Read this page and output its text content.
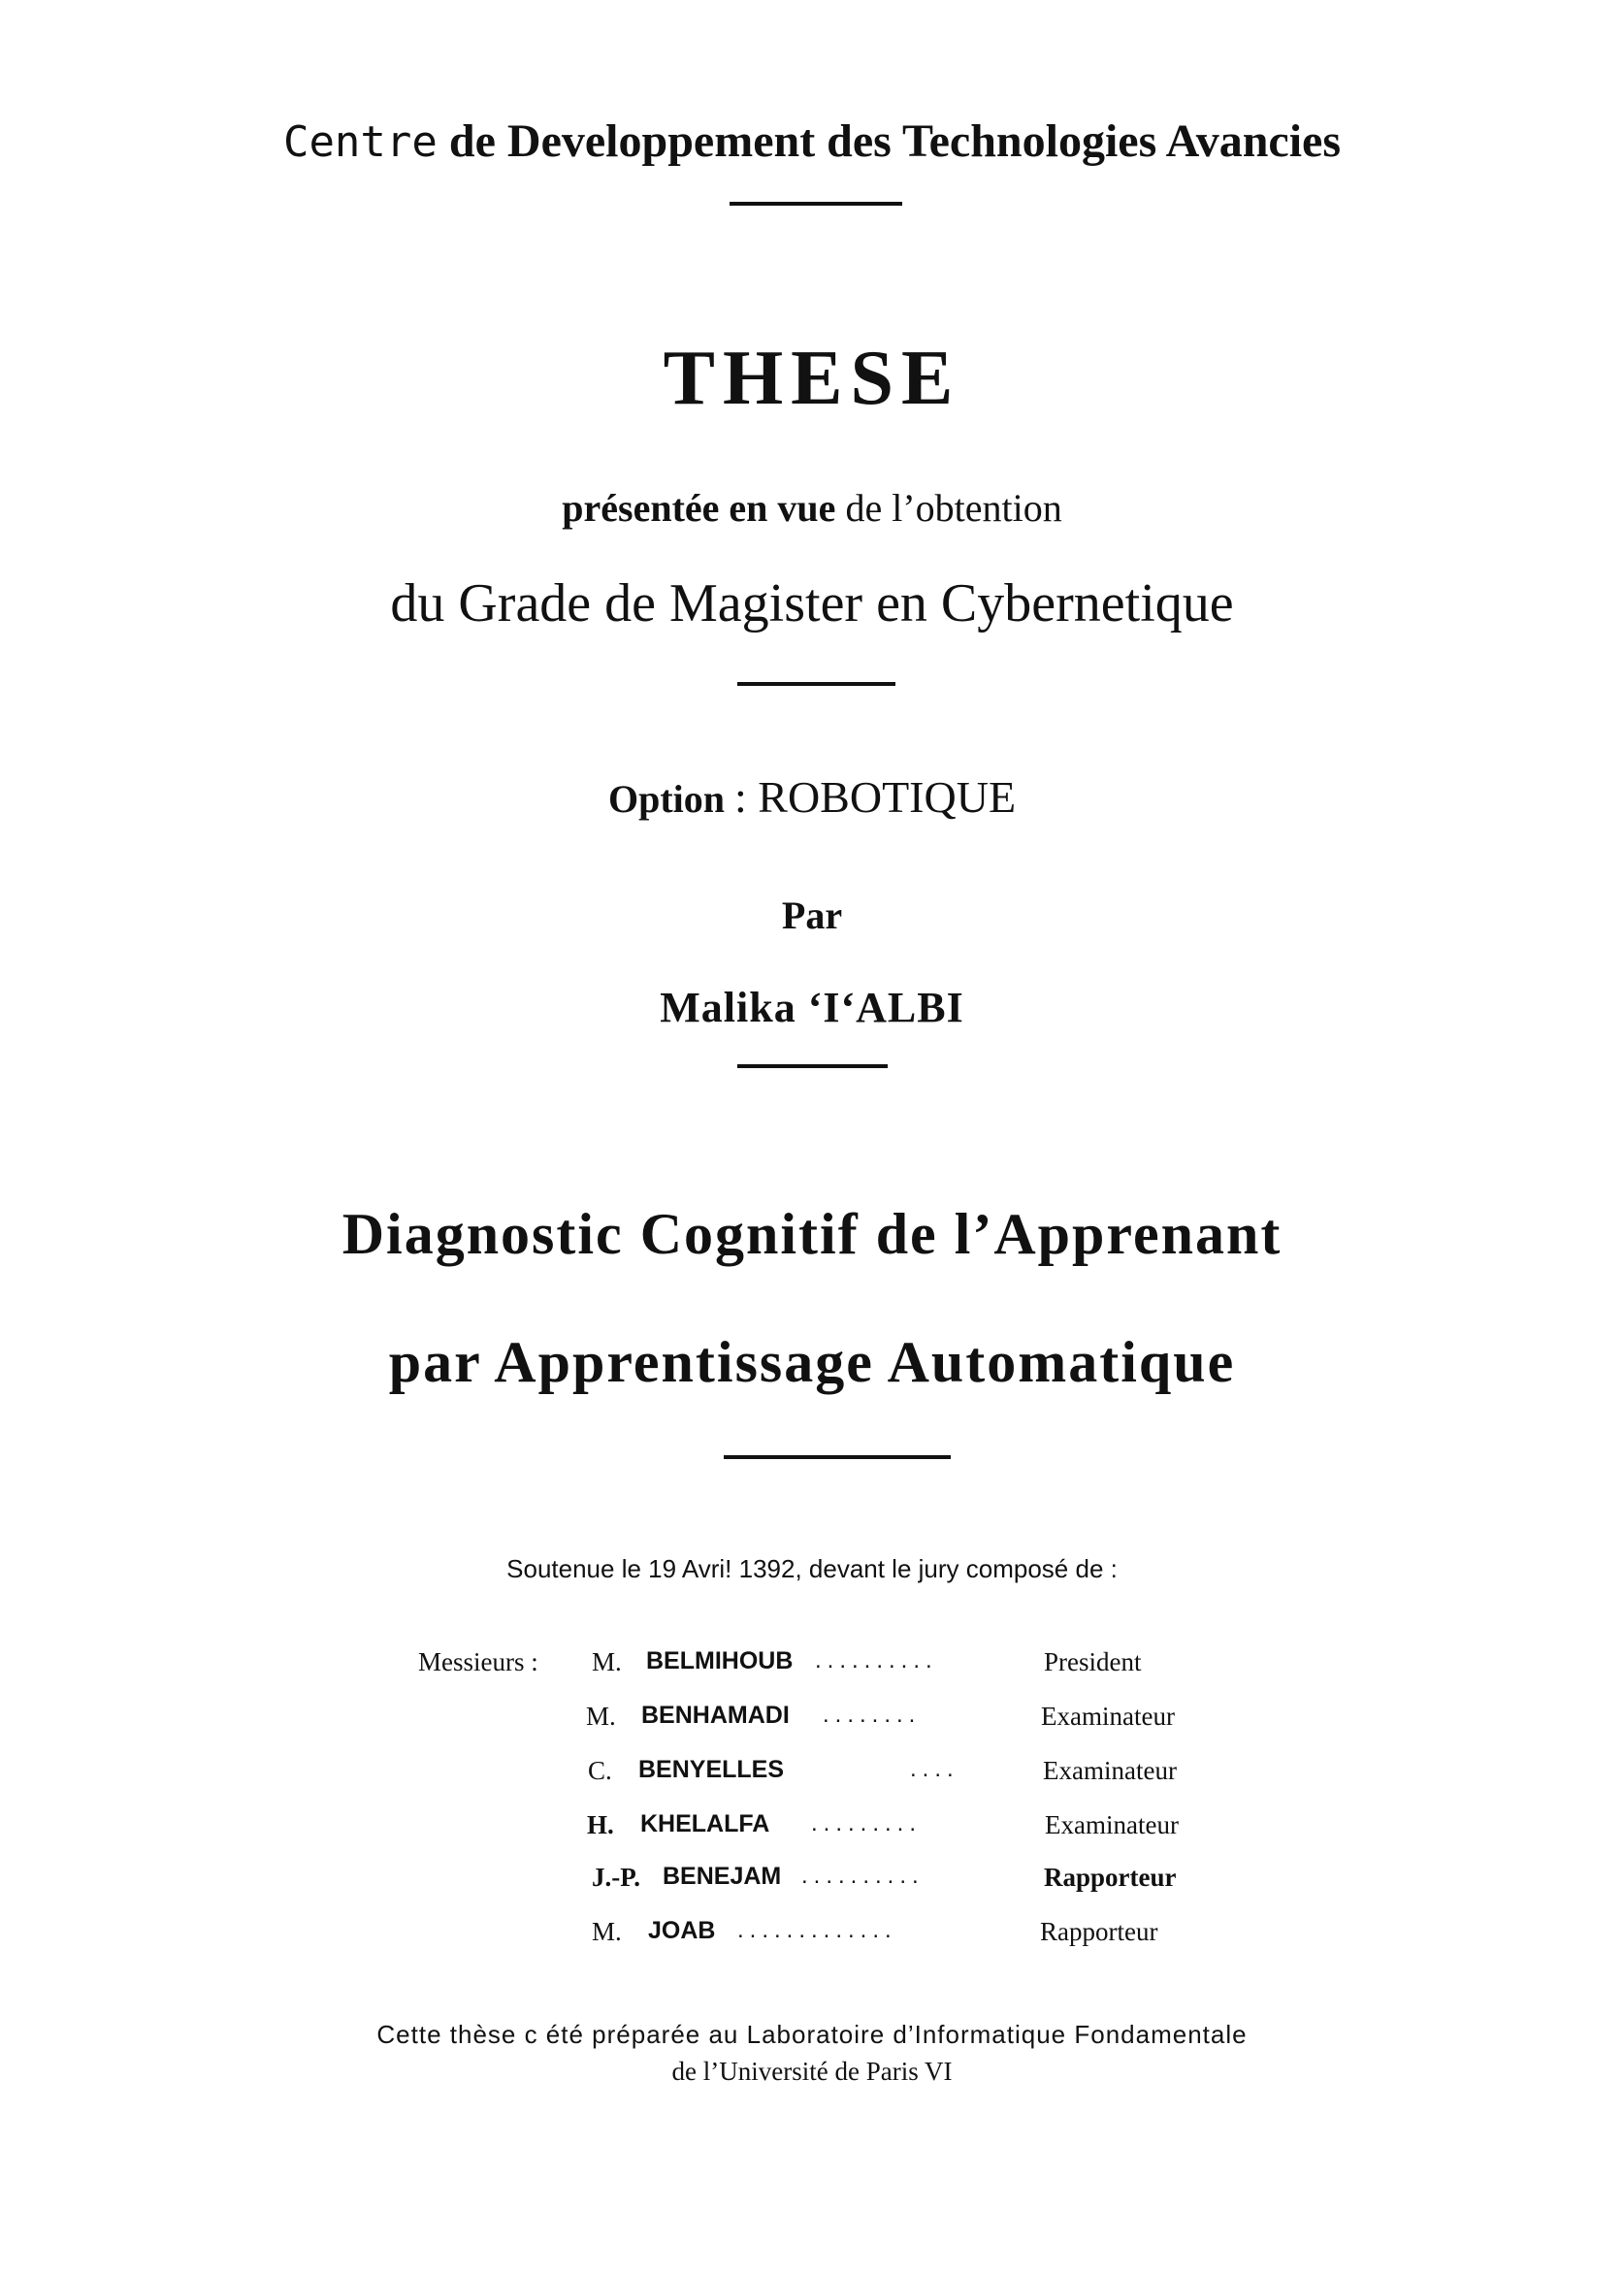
Centre de Developpement des Technologies Avancies
THESE
présentée en vue de l’obtention
du Grade de Magister en Cybernetique
Option : ROBOTIQUE
Par
Malika ‘I‘ALBI
Diagnostic Cognitif de l’Apprenant
par Apprentissage Automatique
Soutenue le 19 Avri! 1392, devant le jury composé de :
Messieurs : M. BELMIHOUB ..........	President
M. BENHAMADI ........	Examinateur
C. BENYELLES	....	Examinateur
H. KHELALFA .........	Examinateur
J.-P. BENEJAM ..........	Rapporteur
M. JOAB .............	Rapporteur
Cette thèse c été préparée au Laboratoire d’Informatique Fondamentale
de l’Université de Paris VI
